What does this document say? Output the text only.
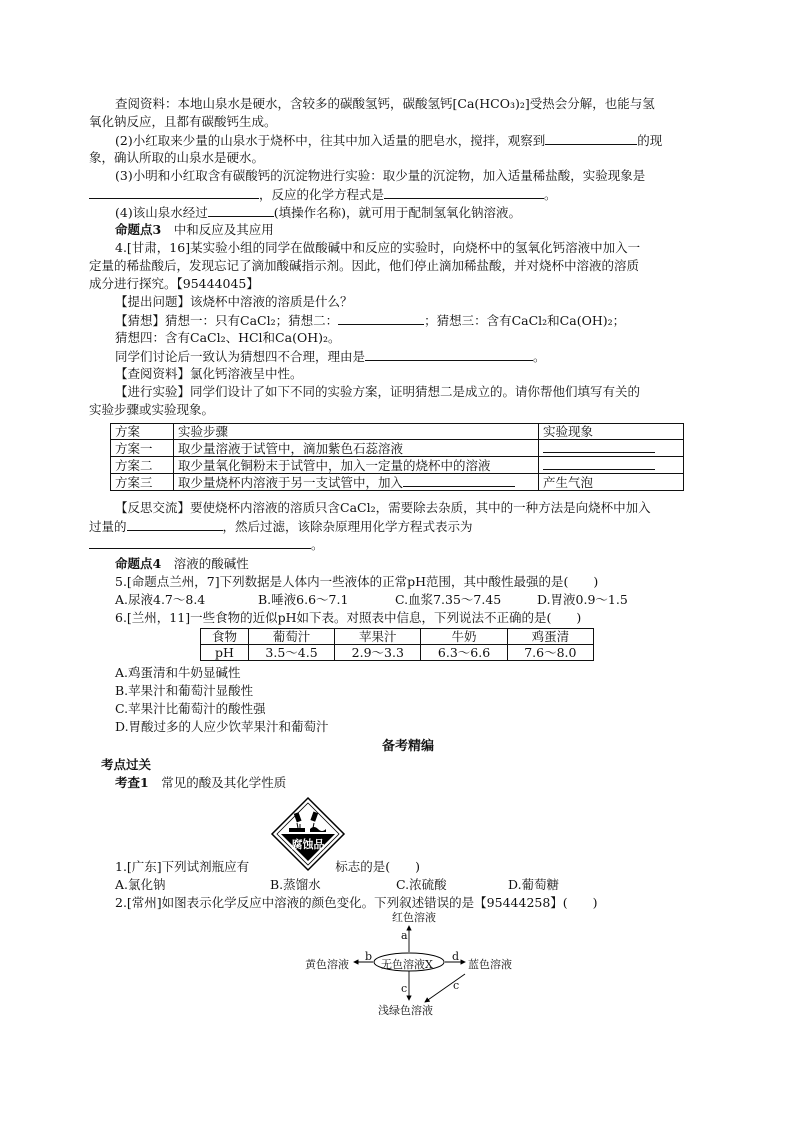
查阅资料：本地山泉水是硬水，含较多的碳酸氢钙，碳酸氢钙[Ca(HCO₃)₂]受热会分解，也能与氢
氧化钠反应，且都有碳酸钙生成。
(2)小红取来少量的山泉水于烧杯中，往其中加入适量的肥皂水，搅拌，观察到	的现
象，确认所取的山泉水是硬水。
(3)小明和小红取含有碳酸钙的沉淀物进行实验：取少量的沉淀物，加入适量稀盐酸，实验现象是
，反应的化学方程式是	。
(4)该山泉水经过	(填操作名称)，就可用于配制氢氧化钠溶液。
命题点3　 中和反应及其应用
4.[甘肃，16]某实验小组的同学在做酸碱中和反应的实验时，向烧杯中的氢氧化钙溶液中加入一
定量的稀盐酸后，发现忘记了滴加酸碱指示剂。因此，他们停止滴加稀盐酸，并对烧杯中溶液的溶质
成分进行探究。【95444045】
【提出问题】该烧杯中溶液的溶质是什么？
【猜想】猜想一：只有CaCl₂；猜想二：	；猜想三：含有CaCl₂和Ca(OH)₂；
猜想四：含有CaCl₂、HCl和Ca(OH)₂。
同学们讨论后一致认为猜想四不合理，理由是	。
【查阅资料】氯化钙溶液呈中性。
【进行实验】同学们设计了如下不同的实验方案，证明猜想二是成立的。请你帮他们填写有关的
实验步骤或实验现象。
方案	实验步骤	实验现象
方案一	取少量溶液于试管中，滴加紫色石蕊溶液	
方案二	取少量氧化铜粉末于试管中，加入一定量的烧杯中的溶液	
方案三	取少量烧杯内溶液于另一支试管中，加入	产生气泡
【反思交流】要使烧杯内溶液的溶质只含CaCl₂，需要除去杂质，其中的一种方法是向烧杯中加入
过量的	，然后过滤，该除杂原理用化学方程式表示为
。
命题点4　 溶液的酸碱性
5.[命题点兰州，7]下列数据是人体内一些液体的正常pH范围，其中酸性最强的是(　　)
A.尿液4.7～8.4	B.唾液6.6～7.1	C.血浆7.35～7.45	D.胃液0.9～1.5
6.[兰州，11]一些食物的近似pH如下表。对照表中信息，下列说法不正确的是(　　)
食物	葡萄汁	苹果汁	牛奶	鸡蛋清
pH	3.5～4.5	2.9～3.3	6.3～6.6	7.6～8.0
A.鸡蛋清和牛奶显碱性
B.苹果汁和葡萄汁显酸性
C.苹果汁比葡萄汁的酸性强
D.胃酸过多的人应少饮苹果汁和葡萄汁
备考精编
考点过关
考查1　 常见的酸及其化学性质
腐蚀品
1.[广东]下列试剂瓶应有	标志的是(　　)
A.氯化钠	B.蒸馏水	C.浓硫酸	D.葡萄糖
2.[常州]如图表示化学反应中溶液的颜色变化。下列叙述错误的是【95444258】(　　)
红色溶液
a
黄色溶液
b
无色溶液X
d
蓝色溶液
c	c
浅绿色溶液
